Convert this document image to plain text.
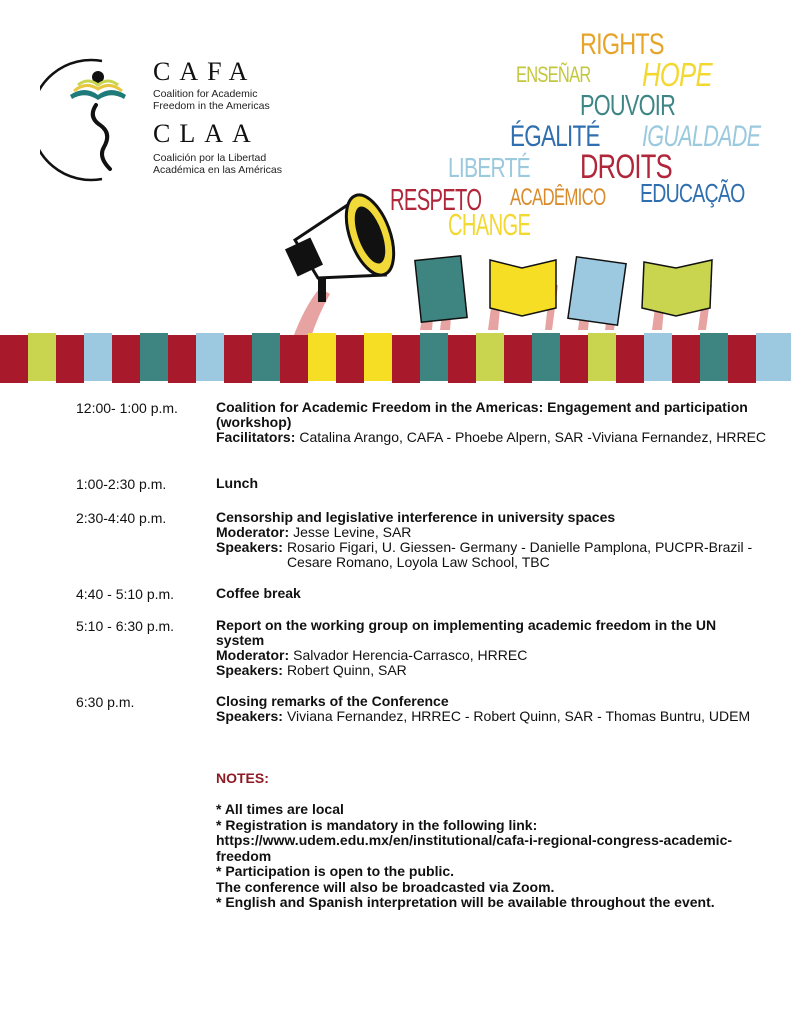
CAFA
Coalition for Academic
Freedom in the Americas
CLAA
Coalición por la Libertad
Académica en las Américas
RIGHTS
ENSEÑAR HOPE
POUVOIR
ÉGALITÉ IGUALDADE
LIBERTÉ DROITS
RESPETO ACADÊMICO EDUCAÇÃO
CHANGE
12:00- 1:00 p.m.	Coalition for Academic Freedom in the Americas: Engagement and participation (workshop)
Facilitators: Catalina Arango, CAFA - Phoebe Alpern, SAR -Viviana Fernandez, HRREC
1:00-2:30 p.m.	Lunch
2:30-4:40 p.m.	Censorship and legislative interference in university spaces
Moderator: Jesse Levine, SAR
Speakers: Rosario Figari, U. Giessen- Germany - Danielle Pamplona, PUCPR-Brazil - Cesare Romano, Loyola Law School, TBC
4:40 - 5:10 p.m.	Coffee break
5:10 - 6:30 p.m.	Report on the working group on implementing academic freedom in the UN system
Moderator: Salvador Herencia-Carrasco, HRREC
Speakers: Robert Quinn, SAR
6:30 p.m.	Closing remarks of the Conference
Speakers: Viviana Fernandez, HRREC - Robert Quinn, SAR - Thomas Buntru, UDEM
NOTES:
* All times are local
* Registration is mandatory in the following link:
https://www.udem.edu.mx/en/institutional/cafa-i-regional-congress-academic-freedom
* Participation is open to the public.
The conference will also be broadcasted via Zoom.
* English and Spanish interpretation will be available throughout the event.
